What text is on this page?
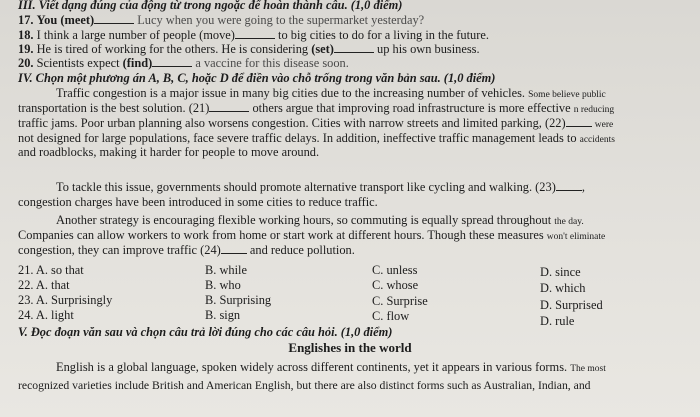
III. Viết dạng đúng của động từ trong ngoặc để hoàn thành câu. (1,0 điểm)
17. You (meet)	Lucy when you were going to the supermarket yesterday?
18. I think a large number of people (move)	to big cities to do for a living in the future.
19. He is tired of working for the others. He is considering (set)	up his own business.
20. Scientists expect (find)	a vaccine for this disease soon.
IV. Chọn một phương án A, B, C, hoặc D để điền vào chỗ trống trong văn bản sau. (1,0 điểm)
Traffic congestion is a major issue in many big cities due to the increasing number of vehicles. Some believe public
transportation is the best solution. (21)	others argue that improving road infrastructure is more effective n reducing
traffic jams. Poor urban planning also worsens congestion. Cities with narrow streets and limited parking, (22)	were
not designed for large populations, face severe traffic delays. In addition, ineffective traffic management leads to accidents
and roadblocks, making it harder for people to move around.
To tackle this issue, governments should promote alternative transport like cycling and walking. (23) ,
congestion charges have been introduced in some cities to reduce traffic.
Another strategy is encouraging flexible working hours, so commuting is equally spread throughout the day.
Companies can allow workers to work from home or start work at different hours. Though these measures won't eliminate
congestion, they can improve traffic (24) and reduce pollution.
21. A. so that	B. while	C. unless	D. since
22. A. that	B. who	C. whose	D. which
23. A. Surprisingly	B. Surprising	C. Surprise	D. Surprised
24. A. light	B. sign	C. flow	D. rule
V. Đọc đoạn văn sau và chọn câu trả lời đúng cho các câu hỏi. (1,0 điểm)
Englishes in the world
English is a global language, spoken widely across different continents, yet it appears in various forms. The most
recognized varieties include British and American English, but there are also distinct forms such as Australian, Indian, and
